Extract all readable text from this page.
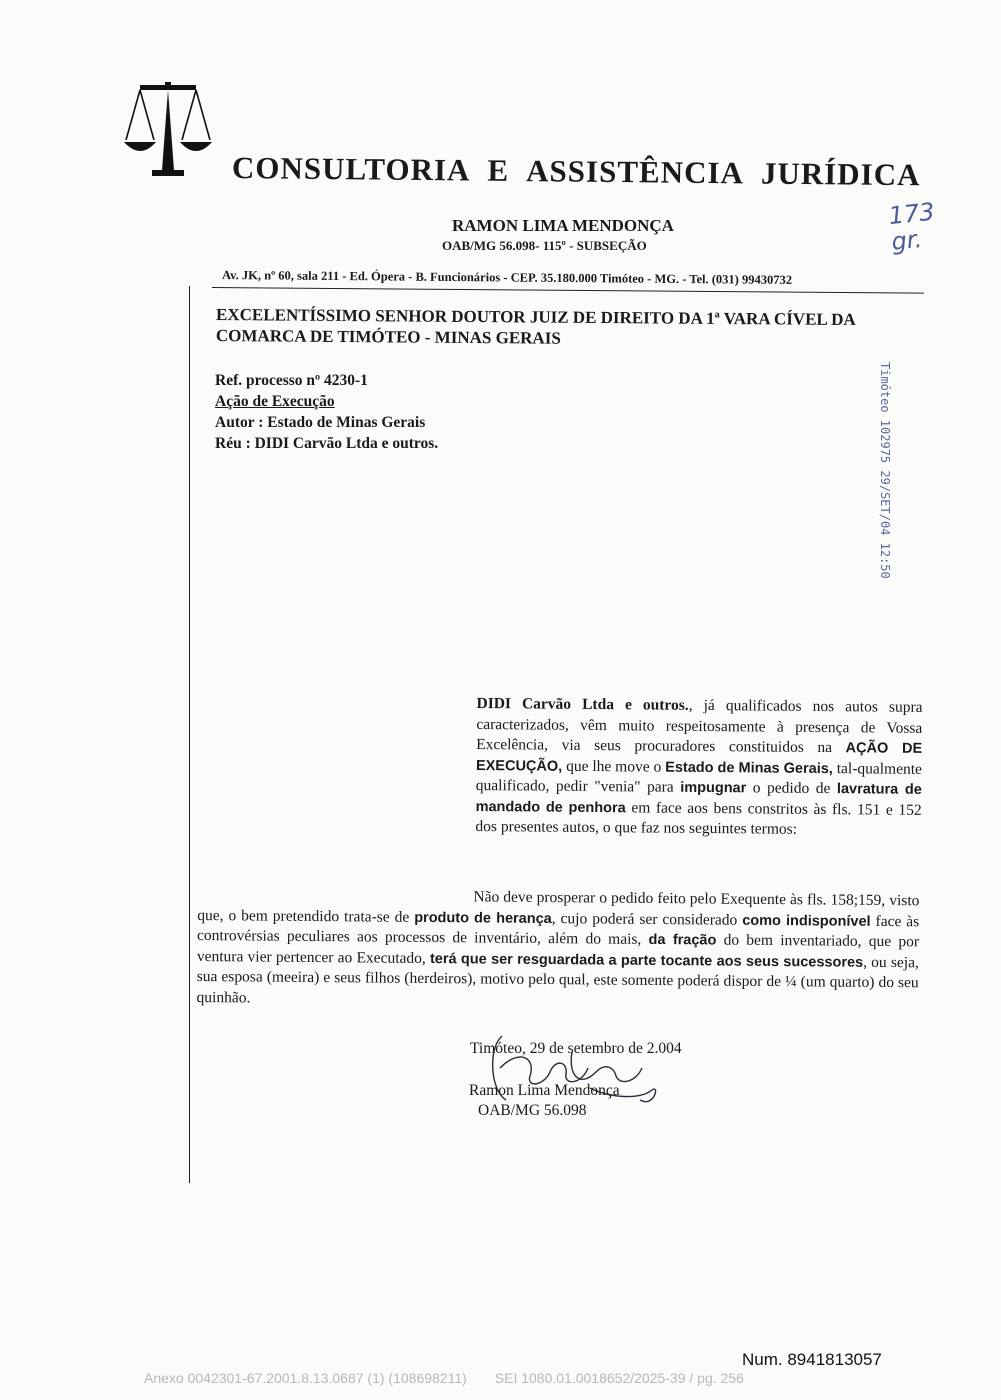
CONSULTORIA E ASSISTÊNCIA JURÍDICA
RAMON LIMA MENDONÇA
OAB/MG 56.098- 115º - SUBSEÇÃO
Av. JK, nº 60, sala 211 - Ed. Ópera - B. Funcionários - CEP. 35.180.000 Timóteo - MG. - Tel. (031) 99430732
173
gr.
Timóteo 102975 29/SET/04 12:50
EXCELENTÍSSIMO SENHOR DOUTOR JUIZ DE DIREITO DA 1ª VARA CÍVEL DA COMARCA DE TIMÓTEO - MINAS GERAIS
Ref. processo nº 4230-1
Ação de Execução
Autor : Estado de Minas Gerais
Réu : DIDI Carvão Ltda e outros.
DIDI Carvão Ltda e outros., já qualificados nos autos supra caracterizados, vêm muito respeitosamente à presença de Vossa Excelência, via seus procuradores constituidos na AÇÃO DE EXECUÇÃO, que lhe move o Estado de Minas Gerais, tal-qualmente qualificado, pedir "venia" para impugnar o pedido de lavratura de mandado de penhora em face aos bens constritos às fls. 151 e 152 dos presentes autos, o que faz nos seguintes termos:
Não deve prosperar o pedido feito pelo Exequente às fls. 158;159, visto que, o bem pretendido trata-se de produto de herança, cujo poderá ser considerado como indisponível face às controvérsias peculiares aos processos de inventário, além do mais, da fração do bem inventariado, que por ventura vier pertencer ao Executado, terá que ser resguardada a parte tocante aos seus sucessores, ou seja, sua esposa (meeira) e seus filhos (herdeiros), motivo pelo qual, este somente poderá dispor de ¼ (um quarto) do seu quinhão.
Timóteo, 29 de setembro de 2.004
Ramon Lima Mendonça
OAB/MG 56.098
Num. 8941813057
Anexo 0042301-67.2001.8.13.0687 (1) (108698211) SEI 1080.01.0018652/2025-39 / pg. 256
